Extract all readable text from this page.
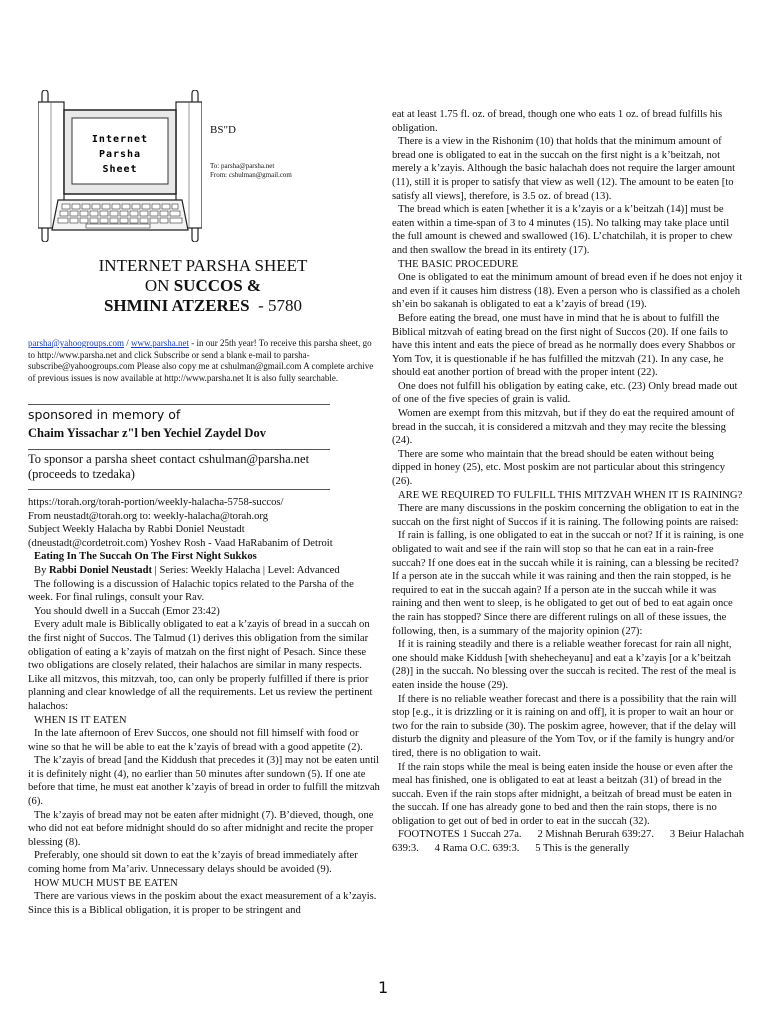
Internet
Parsha
Sheet
BS"D
To: parsha@parsha.net
From: cshulman@gmail.com

INTERNET PARSHA SHEET

ON SUCCOS &

SHMINI ATZERES  - 5780

parsha@yahoogroups.com / www.parsha.net - in our 25th year! To receive this parsha sheet, go to http://www.parsha.net and click Subscribe or send a blank e-mail to parsha-subscribe@yahoogroups.com Please also copy me at cshulman@gmail.com A complete archive of previous issues is now available at http://www.parsha.net It is also fully searchable.

sponsored in memory of

Chaim Yissachar z"l ben Yechiel Zaydel Dov

To sponsor a parsha sheet contact cshulman@parsha.net
(proceeds to tzedaka)

https://torah.org/torah-portion/weekly-halacha-5758-succos/

From neustadt@torah.org to: weekly-halacha@torah.org

Subject Weekly Halacha by Rabbi Doniel Neustadt

(dneustadt@cordetroit.com) Yoshev Rosh - Vaad HaRabanim of Detroit

Eating In The Succah On The First Night Sukkos

By Rabbi Doniel Neustadt | Series: Weekly Halacha | Level: Advanced

The following is a discussion of Halachic topics related to the Parsha of the week. For final rulings, consult your Rav.

You should dwell in a Succah (Emor 23:42)

Every adult male is Biblically obligated to eat a k’zayis of bread in a succah on the first night of Succos. The Talmud (1) derives this obligation from the similar obligation of eating a k’zayis of matzah on the first night of Pesach. Since these two obligations are closely related, their halachos are similar in many respects. Like all mitzvos, this mitzvah, too, can only be properly fulfilled if there is prior planning and clear knowledge of all the requirements. Let us review the pertinent halachos:

WHEN IS IT EATEN

In the late afternoon of Erev Succos, one should not fill himself with food or wine so that he will be able to eat the k’zayis of bread with a good appetite (2).

The k’zayis of bread [and the Kiddush that precedes it (3)] may not be eaten until it is definitely night (4), no earlier than 50 minutes after sundown (5). If one ate before that time, he must eat another k’zayis of bread in order to fulfill the mitzvah (6).

The k’zayis of bread may not be eaten after midnight (7). B’dieved, though, one who did not eat before midnight should do so after midnight and recite the proper blessing (8).

Preferably, one should sit down to eat the k’zayis of bread immediately after coming home from Ma’ariv. Unnecessary delays should be avoided (9).

HOW MUCH MUST BE EATEN

There are various views in the poskim about the exact measurement of a k’zayis. Since this is a Biblical obligation, it is proper to be stringent and

eat at least 1.75 fl. oz. of bread, though one who eats 1 oz. of bread fulfills his obligation.

There is a view in the Rishonim (10) that holds that the minimum amount of bread one is obligated to eat in the succah on the first night is a k’beitzah, not merely a k’zayis. Although the basic halachah does not require the larger amount (11), still it is proper to satisfy that view as well (12). The amount to be eaten [to satisfy all views], therefore, is 3.5 oz. of bread (13).

The bread which is eaten [whether it is a k’zayis or a k’beitzah (14)] must be eaten within a time-span of 3 to 4 minutes (15). No talking may take place until the full amount is chewed and swallowed (16). L’chatchilah, it is proper to chew and then swallow the bread in its entirety (17).

THE BASIC PROCEDURE

One is obligated to eat the minimum amount of bread even if he does not enjoy it and even if it causes him distress (18). Even a person who is classified as a choleh sh’ein bo sakanah is obligated to eat a k’zayis of bread (19).

Before eating the bread, one must have in mind that he is about to fulfill the Biblical mitzvah of eating bread on the first night of Succos (20). If one fails to have this intent and eats the piece of bread as he normally does every Shabbos or Yom Tov, it is questionable if he has fulfilled the mitzvah (21). In any case, he should eat another portion of bread with the proper intent (22).

One does not fulfill his obligation by eating cake, etc. (23) Only bread made out of one of the five species of grain is valid.

Women are exempt from this mitzvah, but if they do eat the required amount of bread in the succah, it is considered a mitzvah and they may recite the blessing (24).

There are some who maintain that the bread should be eaten without being dipped in honey (25), etc. Most poskim are not particular about this stringency (26).

ARE WE REQUIRED TO FULFILL THIS MITZVAH WHEN IT IS RAINING?

There are many discussions in the poskim concerning the obligation to eat in the succah on the first night of Succos if it is raining. The following points are raised:

If rain is falling, is one obligated to eat in the succah or not? If it is raining, is one obligated to wait and see if the rain will stop so that he can eat in a rain-free succah? If one does eat in the succah while it is raining, can a blessing be recited? If a person ate in the succah while it was raining and then the rain stopped, is he required to eat in the succah again? If a person ate in the succah while it was raining and then went to sleep, is he obligated to get out of bed to eat again once the rain has stopped? Since there are different rulings on all of these issues, the following, then, is a summary of the majority opinion (27):

If it is raining steadily and there is a reliable weather forecast for rain all night, one should make Kiddush [with shehecheyanu] and eat a k’zayis [or a k’beitzah (28)] in the succah. No blessing over the succah is recited. The rest of the meal is eaten inside the house (29).

If there is no reliable weather forecast and there is a possibility that the rain will stop [e.g., it is drizzling or it is raining on and off], it is proper to wait an hour or two for the rain to subside (30). The poskim agree, however, that if the delay will disturb the dignity and pleasure of the Yom Tov, or if the family is hungry and/or tired, there is no obligation to wait.

If the rain stops while the meal is being eaten inside the house or even after the meal has finished, one is obligated to eat at least a beitzah (31) of bread in the succah. Even if the rain stops after midnight, a beitzah of bread must be eaten in the succah. If one has already gone to bed and then the rain stops, there is no obligation to get out of bed in order to eat in the succah (32).

FOOTNOTES 1 Succah 27a.      2 Mishnah Berurah 639:27.      3 Beiur Halachah 639:3.      4 Rama O.C. 639:3.      5 This is the generally

1
